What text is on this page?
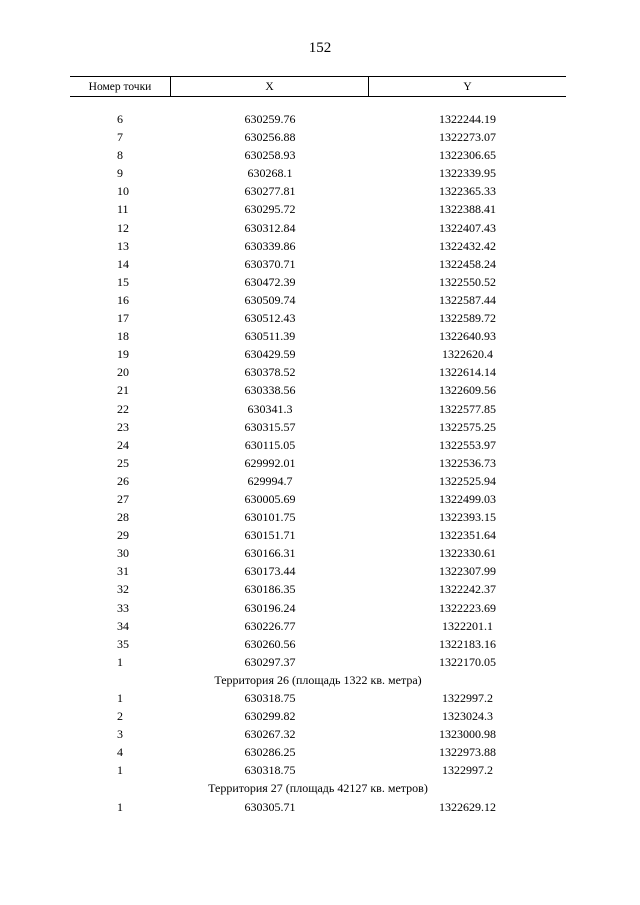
152
Номер точки	X	Y
6	630259.76	1322244.19
7	630256.88	1322273.07
8	630258.93	1322306.65
9	630268.1	1322339.95
10	630277.81	1322365.33
11	630295.72	1322388.41
12	630312.84	1322407.43
13	630339.86	1322432.42
14	630370.71	1322458.24
15	630472.39	1322550.52
16	630509.74	1322587.44
17	630512.43	1322589.72
18	630511.39	1322640.93
19	630429.59	1322620.4
20	630378.52	1322614.14
21	630338.56	1322609.56
22	630341.3	1322577.85
23	630315.57	1322575.25
24	630115.05	1322553.97
25	629992.01	1322536.73
26	629994.7	1322525.94
27	630005.69	1322499.03
28	630101.75	1322393.15
29	630151.71	1322351.64
30	630166.31	1322330.61
31	630173.44	1322307.99
32	630186.35	1322242.37
33	630196.24	1322223.69
34	630226.77	1322201.1
35	630260.56	1322183.16
1	630297.37	1322170.05
Территория 26 (площадь 1322 кв. метра)
1	630318.75	1322997.2
2	630299.82	1323024.3
3	630267.32	1323000.98
4	630286.25	1322973.88
1	630318.75	1322997.2
Территория 27 (площадь 42127 кв. метров)
1	630305.71	1322629.12
